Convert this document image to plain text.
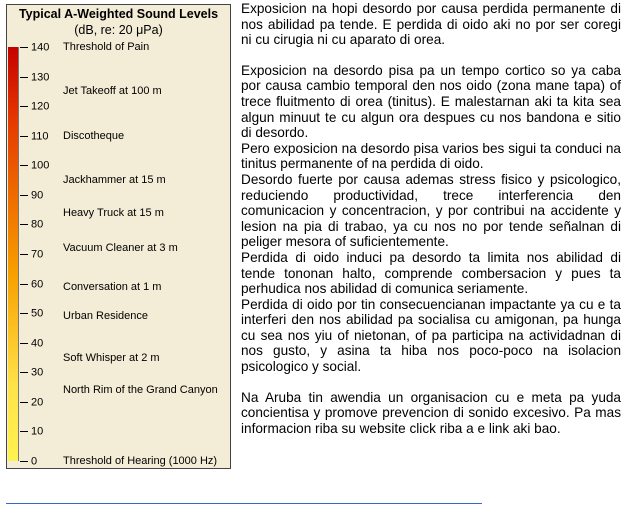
Typical A-Weighted Sound Levels
(dB, re: 20 μPa)
140
130
120
110
100
90
80
70
60
50
40
30
20
10
0
Threshold of Pain
Jet Takeoff at 100 m
Discotheque
Jackhammer at 15 m
Heavy Truck at 15 m
Vacuum Cleaner at 3 m
Conversation at 1 m
Urban Residence
Soft Whisper at 2 m
North Rim of the Grand Canyon
Threshold of Hearing (1000 Hz)

Exposicion na hopi desordo por causa perdida permanente di nos abilidad pa tende. E perdida di oido aki no por ser coregi ni cu cirugia ni cu aparato di orea.

Exposicion na desordo pisa pa un tempo cortico so ya caba por causa cambio temporal den nos oido (zona mane tapa) of trece fluitmento di orea (tinitus). E malestarnan aki ta kita sea algun minuut te cu algun ora despues cu nos bandona e sitio di desordo.

Pero exposicion na desordo pisa varios bes sigui ta conduci na tinitus permanente of na perdida di oido.

Desordo fuerte por causa ademas stress fisico y psicologico, reduciendo productividad, trece interferencia den comunicacion y concentracion, y por contribui na accidente y lesion na pia di trabao, ya cu nos no por tende señalnan di peliger mesora of suficientemente.

Perdida di oido induci pa desordo ta limita nos abilidad di tende tononan halto, comprende combersacion y pues ta perhudica nos abilidad di comunica seriamente.

Perdida di oido por tin consecuencianan impactante ya cu e ta interferi den nos abilidad pa socialisa cu amigonan, pa hunga cu sea nos yiu of nietonan, of pa participa na actividadnan di nos gusto, y asina ta hiba nos poco-poco na isolacion psicologico y social.

Na Aruba tin awendia un organisacion cu e meta pa yuda concientisa y promove prevencion di sonido excesivo. Pa mas informacion riba su website click riba a e link aki bao.
